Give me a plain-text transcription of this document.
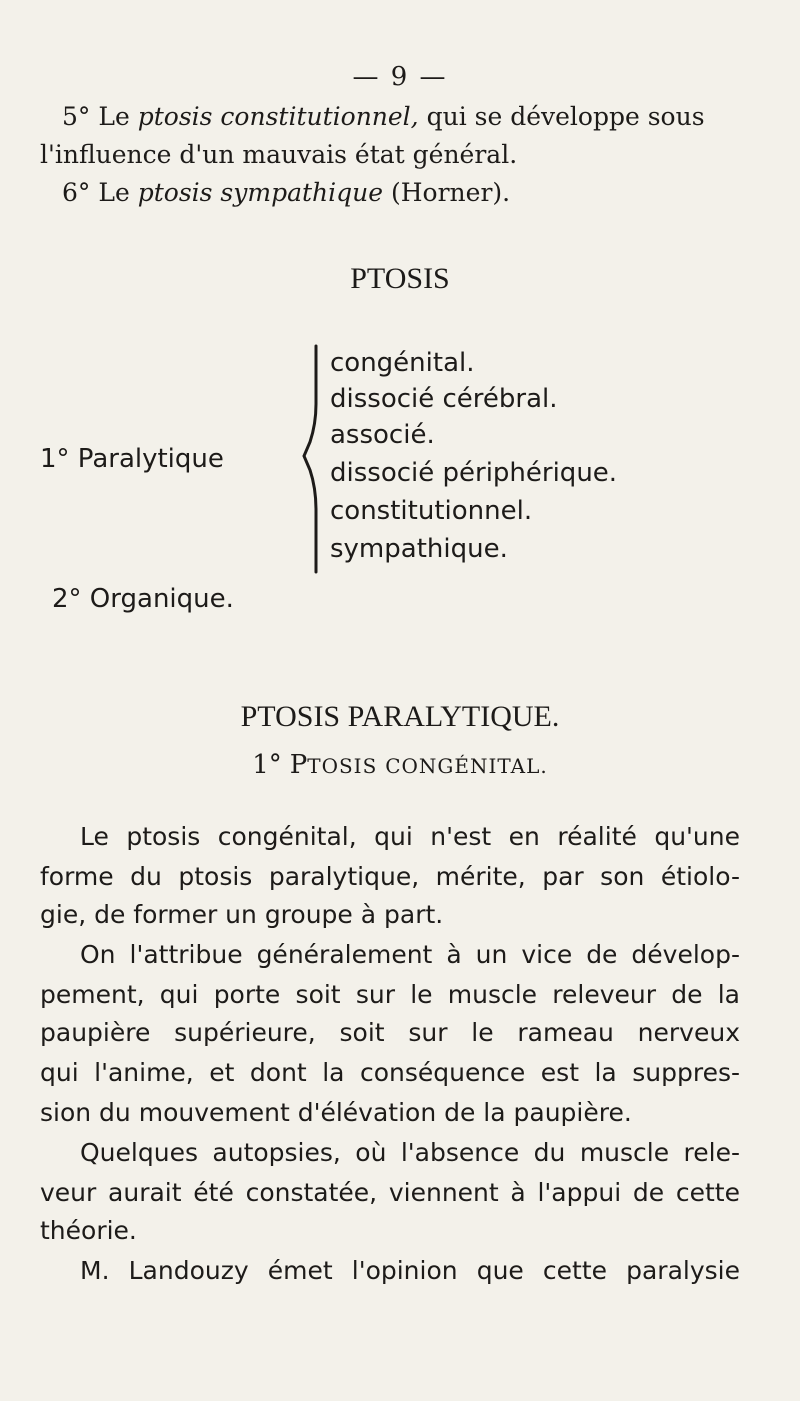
— 9 —
5° Le ptosis constitutionnel, qui se développe sous
l'influence d'un mauvais état général.
6° Le ptosis sympathique (Horner).
PTOSIS
1° Paralytique
congénital.
dissocié cérébral.
associé.
dissocié périphérique.
constitutionnel.
sympathique.
2° Organique.
PTOSIS PARALYTIQUE.
1° PTOSIS CONGÉNITAL.
Le ptosis congénital, qui n'est en réalité qu'une
forme du ptosis paralytique, mérite, par son étiolo-
gie, de former un groupe à part.
On l'attribue généralement à un vice de dévelop-
pement, qui porte soit sur le muscle releveur de la
paupière supérieure, soit sur le rameau nerveux
qui l'anime, et dont la conséquence est la suppres-
sion du mouvement d'élévation de la paupière.
Quelques autopsies, où l'absence du muscle rele-
veur aurait été constatée, viennent à l'appui de cette
théorie.
M. Landouzy émet l'opinion que cette paralysie
